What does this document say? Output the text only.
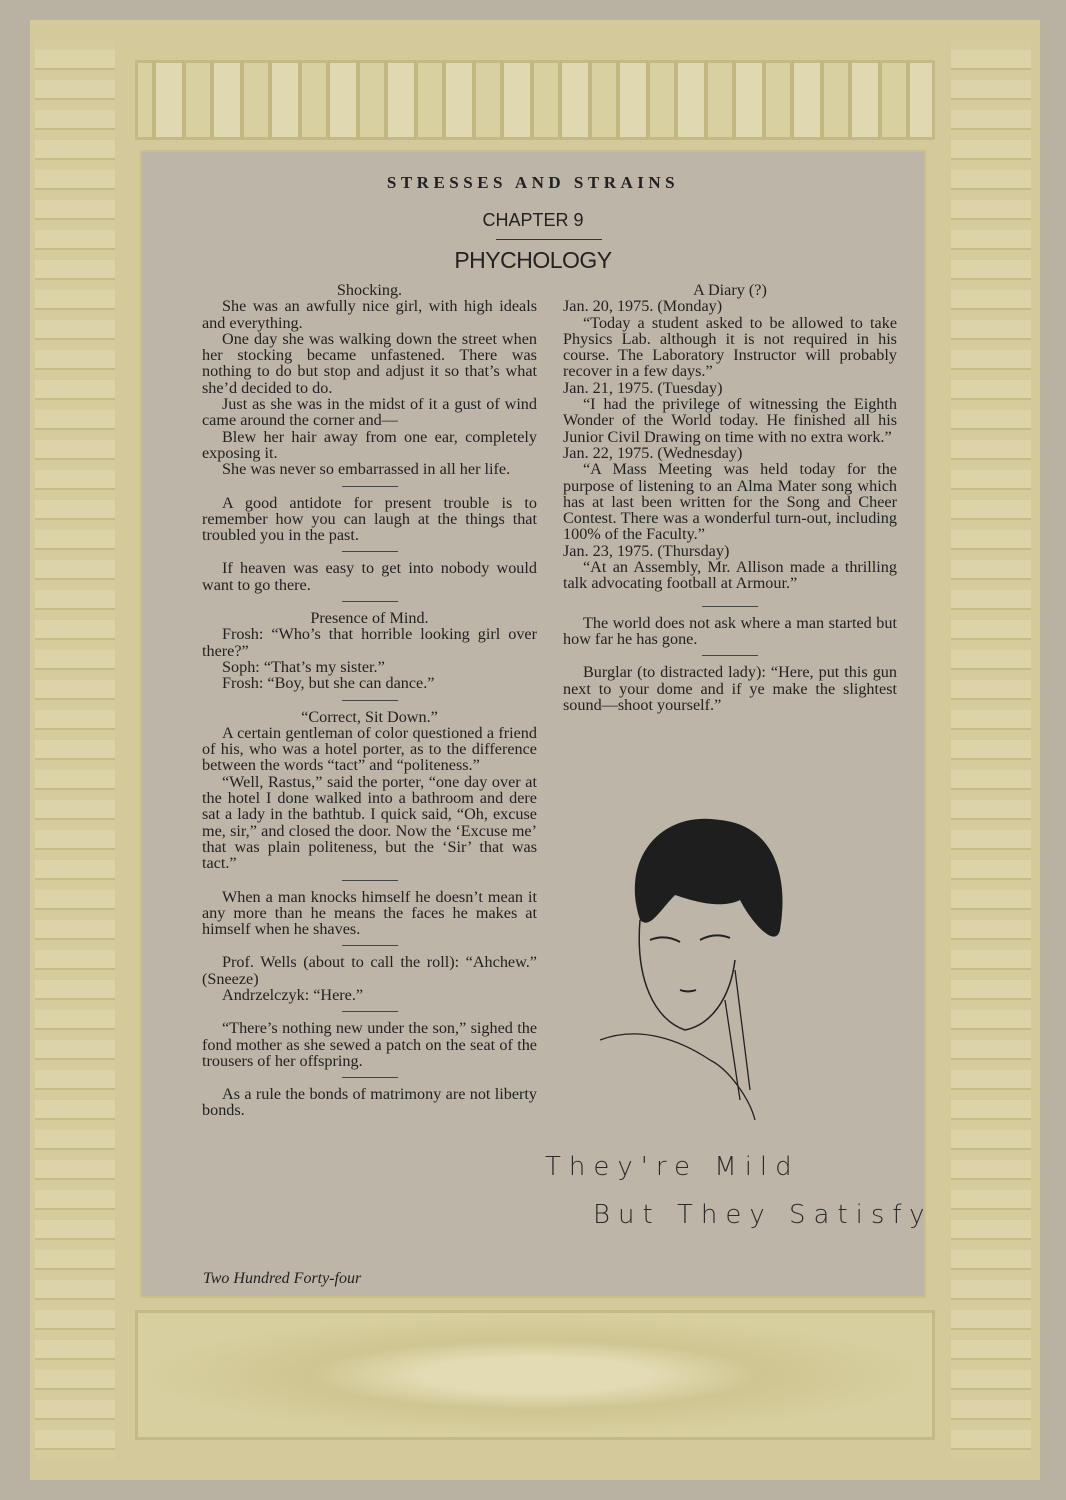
STRESSES AND STRAINS
CHAPTER 9
PHYCHOLOGY

Shocking.

She was an awfully nice girl, with high ideals and everything.

One day she was walking down the street when her stocking became unfastened. There was nothing to do but stop and adjust it so that’s what she’d decided to do.

Just as she was in the midst of it a gust of wind came around the corner and—

Blew her hair away from one ear, completely exposing it.

She was never so embarrassed in all her life.

A good antidote for present trouble is to remember how you can laugh at the things that troubled you in the past.

If heaven was easy to get into nobody would want to go there.

Presence of Mind.

Frosh: “Who’s that horrible looking girl over there?”

Soph: “That’s my sister.”

Frosh: “Boy, but she can dance.”

“Correct, Sit Down.”

A certain gentleman of color questioned a friend of his, who was a hotel porter, as to the difference between the words “tact” and “politeness.”

“Well, Rastus,” said the porter, “one day over at the hotel I done walked into a bathroom and dere sat a lady in the bathtub. I quick said, “Oh, excuse me, sir,” and closed the door. Now the ‘Excuse me’ that was plain politeness, but the ‘Sir’ that was tact.”

When a man knocks himself he doesn’t mean it any more than he means the faces he makes at himself when he shaves.

Prof. Wells (about to call the roll): “Ahchew.” (Sneeze)

Andrzelczyk: “Here.”

“There’s nothing new under the son,” sighed the fond mother as she sewed a patch on the seat of the trousers of her offspring.

As a rule the bonds of matrimony are not liberty bonds.

A Diary (?)

Jan. 20, 1975. (Monday)

“Today a student asked to be allowed to take Physics Lab. although it is not required in his course. The Laboratory Instructor will probably recover in a few days.”

Jan. 21, 1975. (Tuesday)

“I had the privilege of witnessing the Eighth Wonder of the World today. He finished all his Junior Civil Drawing on time with no extra work.”

Jan. 22, 1975. (Wednesday)

“A Mass Meeting was held today for the purpose of listening to an Alma Mater song which has at last been written for the Song and Cheer Contest. There was a wonderful turn-out, including 100% of the Faculty.”

Jan. 23, 1975. (Thursday)

“At an Assembly, Mr. Allison made a thrilling talk advocating football at Armour.”

The world does not ask where a man started but how far he has gone.

Burglar (to distracted lady): “Here, put this gun next to your dome and if ye make the slightest sound—shoot yourself.”

They're Mild
But They Satisfy
Two Hundred Forty-four
